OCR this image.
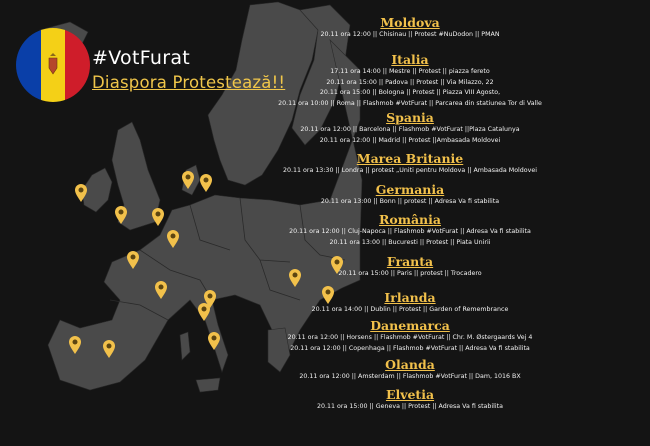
#VotFurat
Diaspora Protestează!!
Moldova
20.11 ora 12:00 || Chisinau || Protest #NuDodon || PMAN
Italia
17.11 ora 14:00 || Mestre || Protest || piazza fereto
20.11 ora 15:00 || Padova || Protest || Via Milazzo, 22
20.11 ora 15:00 || Bologna || Protest || Piazza VIII Agosto,
20.11 ora 10:00 || Roma || Flashmob #VotFurat || Parcarea din statiunea Tor di Valle
Spania
20.11 ora 12:00 || Barcelona || Flashmob #VotFurat ||Plaza Catalunya
20.11 ora 12:00 || Madrid || Protest ||Ambasada Moldovei
Marea Britanie
20.11 ora 13:30 || Londra || protest „Uniti pentru Moldova || Ambasada Moldovei
Germania
20.11 ora 13:00 || Bonn || protest || Adresa Va fi stabilita
România
20.11 ora 12:00 || Cluj-Napoca || Flashmob #VotFurat || Adresa Va fi stabilita
20.11 ora 13:00 || Bucuresti || Protest || Piata Unirii
Franta
20.11 ora 15:00 || Paris || protest || Trocadero
Irlanda
20.11 ora 14:00 || Dublin || Protest || Garden of Remembrance
Danemarca
20.11 ora 12:00 || Horsens || Flashmob #VotFurat || Chr. M. Østergaards Vej 4
20.11 ora 12:00 || Copenhaga || Flashmob #VotFurat || Adresa Va fi stabilita
Olanda
20.11 ora 12:00 || Amsterdam || Flashmob #VotFurat || Dam, 1016 BX
Elvetia
20.11 ora 15:00 || Geneva || Protest || Adresa Va fi stabilita
